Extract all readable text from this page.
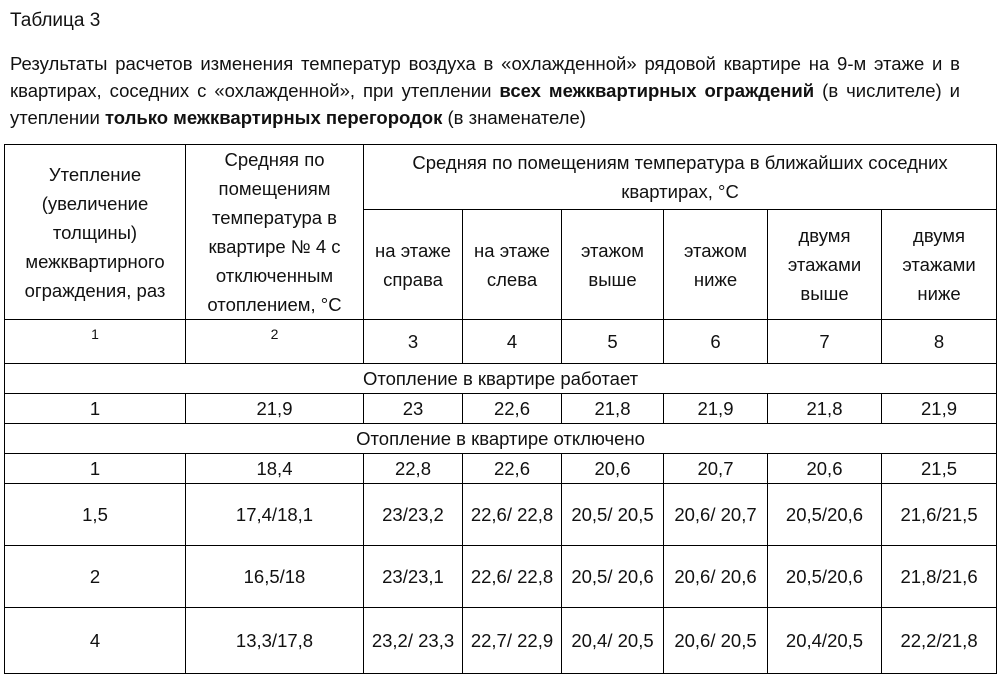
Таблица 3
Результаты расчетов изменения температур воздуха в «охлажденной» рядовой квартире на 9-м этаже и в квартирах, соседних с «охлажденной», при утеплении всех межквартирных ограждений (в числителе) и утеплении только межквартирных перегородок (в знаменателе)
Утепление (увеличение толщины) межквартирного ограждения, раз	Средняя по помещениям температура в квартире № 4 с отключенным отоплением, °С	Средняя по помещениям температура в ближайших соседних квартирах, °С					
		на этаже справа	на этаже слева	этажом выше	этажом ниже	двумя этажами выше	двумя этажами ниже
1	2	3	4	5	6	7	8
Отопление в квартире работает							
1	21,9	23	22,6	21,8	21,9	21,8	21,9
Отопление в квартире отключено							
1	18,4	22,8	22,6	20,6	20,7	20,6	21,5
1,5	17,4/18,1	23/23,2	22,6/ 22,8	20,5/ 20,5	20,6/ 20,7	20,5/20,6	21,6/21,5
2	16,5/18	23/23,1	22,6/ 22,8	20,5/ 20,6	20,6/ 20,6	20,5/20,6	21,8/21,6
4	13,3/17,8	23,2/ 23,3	22,7/ 22,9	20,4/ 20,5	20,6/ 20,5	20,4/20,5	22,2/21,8
